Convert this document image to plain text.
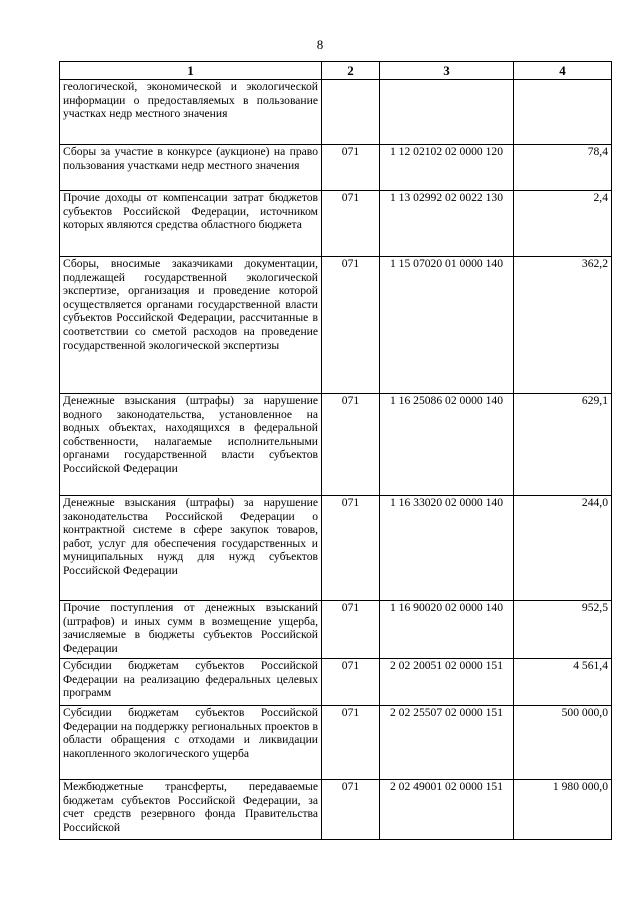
8
1	2	3	4
геологической, экономической и экологической информации о предоставляемых в пользование участках недр местного значения			
Сборы за участие в конкурсе (аукционе) на право пользования участками недр местного значения	071	1 12 02102 02 0000 120	78,4
Прочие доходы от компенсации затрат бюджетов субъектов Российской Федерации, источником которых являются средства областного бюджета	071	1 13 02992 02 0022 130	2,4
Сборы, вносимые заказчиками документации, подлежащей государственной экологической экспертизе, организация и проведение которой осуществляется органами государственной власти субъектов Российской Федерации, рассчитанные в соответствии со сметой расходов на проведение государственной экологической экспертизы	071	1 15 07020 01 0000 140	362,2
Денежные взыскания (штрафы) за нарушение водного законодательства, установленное на водных объектах, находящихся в федеральной собственности, налагаемые исполнительными органами государственной власти субъектов Российской Федерации	071	1 16 25086 02 0000 140	629,1
Денежные взыскания (штрафы) за нарушение законодательства Российской Федерации о контрактной системе в сфере закупок товаров, работ, услуг для обеспечения государственных и муниципальных нужд для нужд субъектов Российской Федерации	071	1 16 33020 02 0000 140	244,0
Прочие поступления от денежных взысканий (штрафов) и иных сумм в возмещение ущерба, зачисляемые в бюджеты субъектов Российской Федерации	071	1 16 90020 02 0000 140	952,5
Субсидии бюджетам субъектов Российской Федерации на реализацию федеральных целевых программ	071	2 02 20051 02 0000 151	4 561,4
Субсидии бюджетам субъектов Российской Федерации на поддержку региональных проектов в области обращения с отходами и ликвидации накопленного экологического ущерба	071	2 02 25507 02 0000 151	500 000,0
Межбюджетные трансферты, передаваемые бюджетам субъектов Российской Федерации, за счет средств резервного фонда Правительства Российской	071	2 02 49001 02 0000 151	1 980 000,0
